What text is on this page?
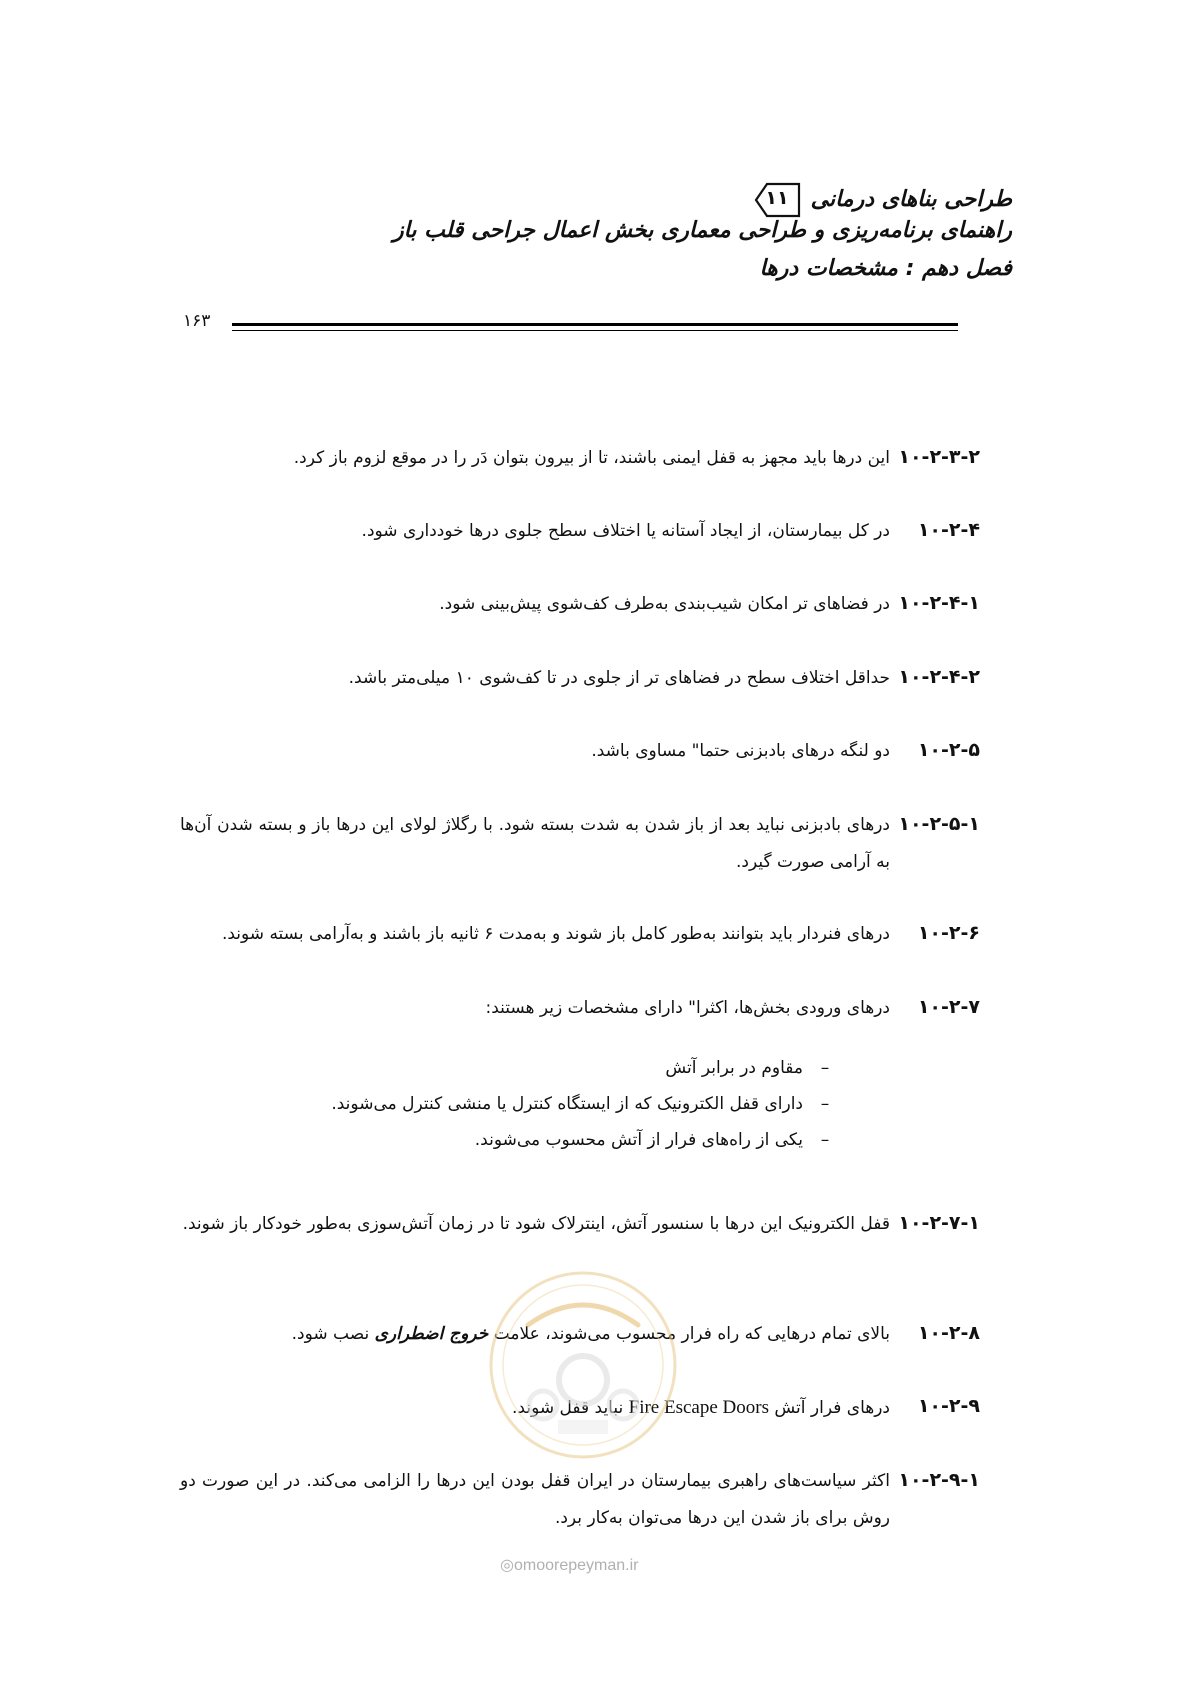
طراحی بناهای درمانی
۱۱
راهنمای برنامه‌ریزی و طراحی معماری بخش اعمال جراحی قلب باز
فصل دهم : مشخصات درها
۱۶۳
۱۰-۲-۳-۲
این درها باید مجهز به قفل ایمنی باشند، تا از بیرون بتوان دَر را در موقع لزوم باز کرد.
۱۰-۲-۴
در کل بیمارستان، از ایجاد آستانه یا اختلاف سطح جلوی درها خودداری شود.
۱۰-۲-۴-۱
در فضاهای تر امکان شیب‌بندی به‌طرف کف‌شوی پیش‌بینی شود.
۱۰-۲-۴-۲
حداقل اختلاف سطح در فضاهای تر از جلوی در تا کف‌شوی ۱۰ میلی‌متر باشد.
۱۰-۲-۵
دو لنگه درهای بادبزنی حتما" مساوی باشد.
۱۰-۲-۵-۱
درهای بادبزنی نباید بعد از باز شدن به شدت بسته شود. با رگلاژ لولای این درها باز و بسته شدن آن‌ها به آرامی صورت گیرد.
۱۰-۲-۶
درهای فنردار باید بتوانند به‌طور کامل باز شوند و به‌مدت ۶ ثانیه باز باشند و به‌آرامی بسته شوند.
۱۰-۲-۷
درهای ورودی بخش‌ها، اکثرا" دارای مشخصات زیر هستند:
–مقاوم در برابر آتش
–دارای قفل الکترونیک که از ایستگاه کنترل یا منشی کنترل می‌شوند.
–یکی از راه‌های فرار از آتش محسوب می‌شوند.
۱۰-۲-۷-۱
قفل الکترونیک این درها با سنسور آتش، اینترلاک شود تا در زمان آتش‌سوزی به‌طور خودکار باز شوند.
۱۰-۲-۸
بالای تمام درهایی که راه فرار محسوب می‌شوند، علامت خروج اضطراری نصب شود.
۱۰-۲-۹
درهای فرار آتش Fire Escape Doors نباید قفل شوند.
۱۰-۲-۹-۱
اکثر سیاست‌های راهبری بیمارستان در ایران قفل بودن این درها را الزامی می‌کند. در این صورت دو روش برای باز شدن این درها می‌توان به‌کار برد.
◎omoorepeyman.ir
